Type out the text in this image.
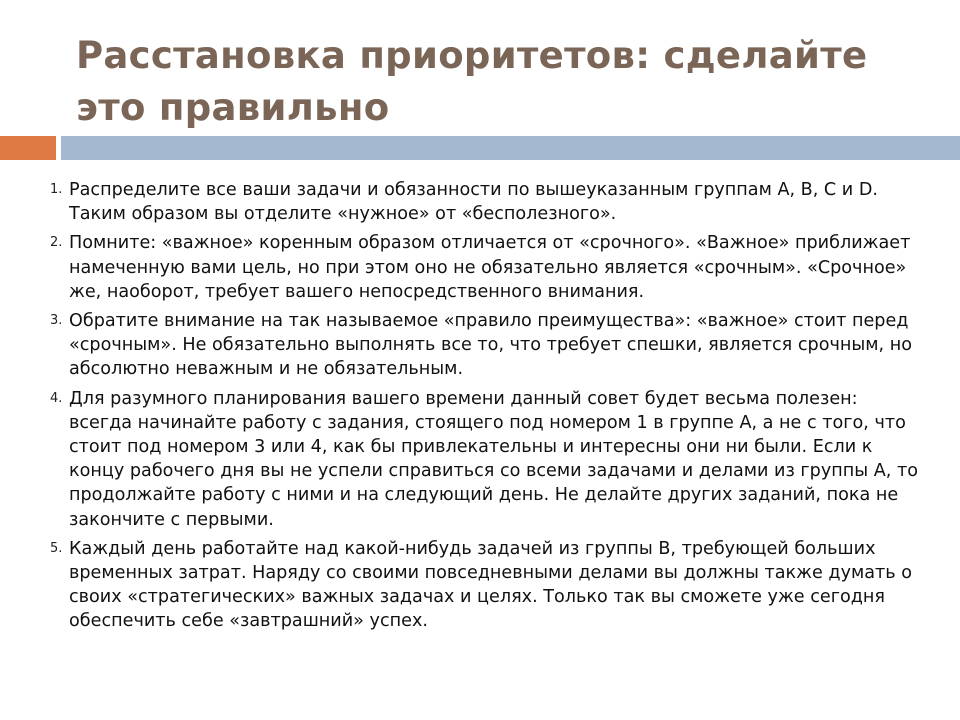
Расстановка приоритетов: сделайте это правильно
1. Распределите все ваши задачи и обязанности по вышеуказанным группам А, В, С и D. Таким образом вы отделите «нужное» от «бесполезного».
2. Помните: «важное» коренным образом отличается от «срочного». «Важное» приближает намеченную вами цель, но при этом оно не обязательно является «срочным». «Срочное» же, наоборот, требует вашего непосредственного внимания.
3. Обратите внимание на так называемое «правило преимущества»: «важное» стоит перед «срочным». Не обязательно выполнять все то, что требует спешки, является срочным, но абсолютно неважным и не обязательным.
4. Для разумного планирования вашего времени данный совет будет весьма полезен: всегда начинайте работу с задания, стоящего под номером 1 в группе А, а не с того, что стоит под номером 3 или 4, как бы привлекательны и интересны они ни были. Если к концу рабочего дня вы не успели справиться со всеми задачами и делами из группы А, то продолжайте работу с ними и на следующий день. Не делайте других заданий, пока не закончите с первыми.
5. Каждый день работайте над какой-нибудь задачей из группы В, требующей больших временных затрат. Наряду со своими повседневными делами вы должны также думать о своих «стратегических» важных задачах и целях. Только так вы сможете уже сегодня обеспечить себе «завтрашний» успех.
